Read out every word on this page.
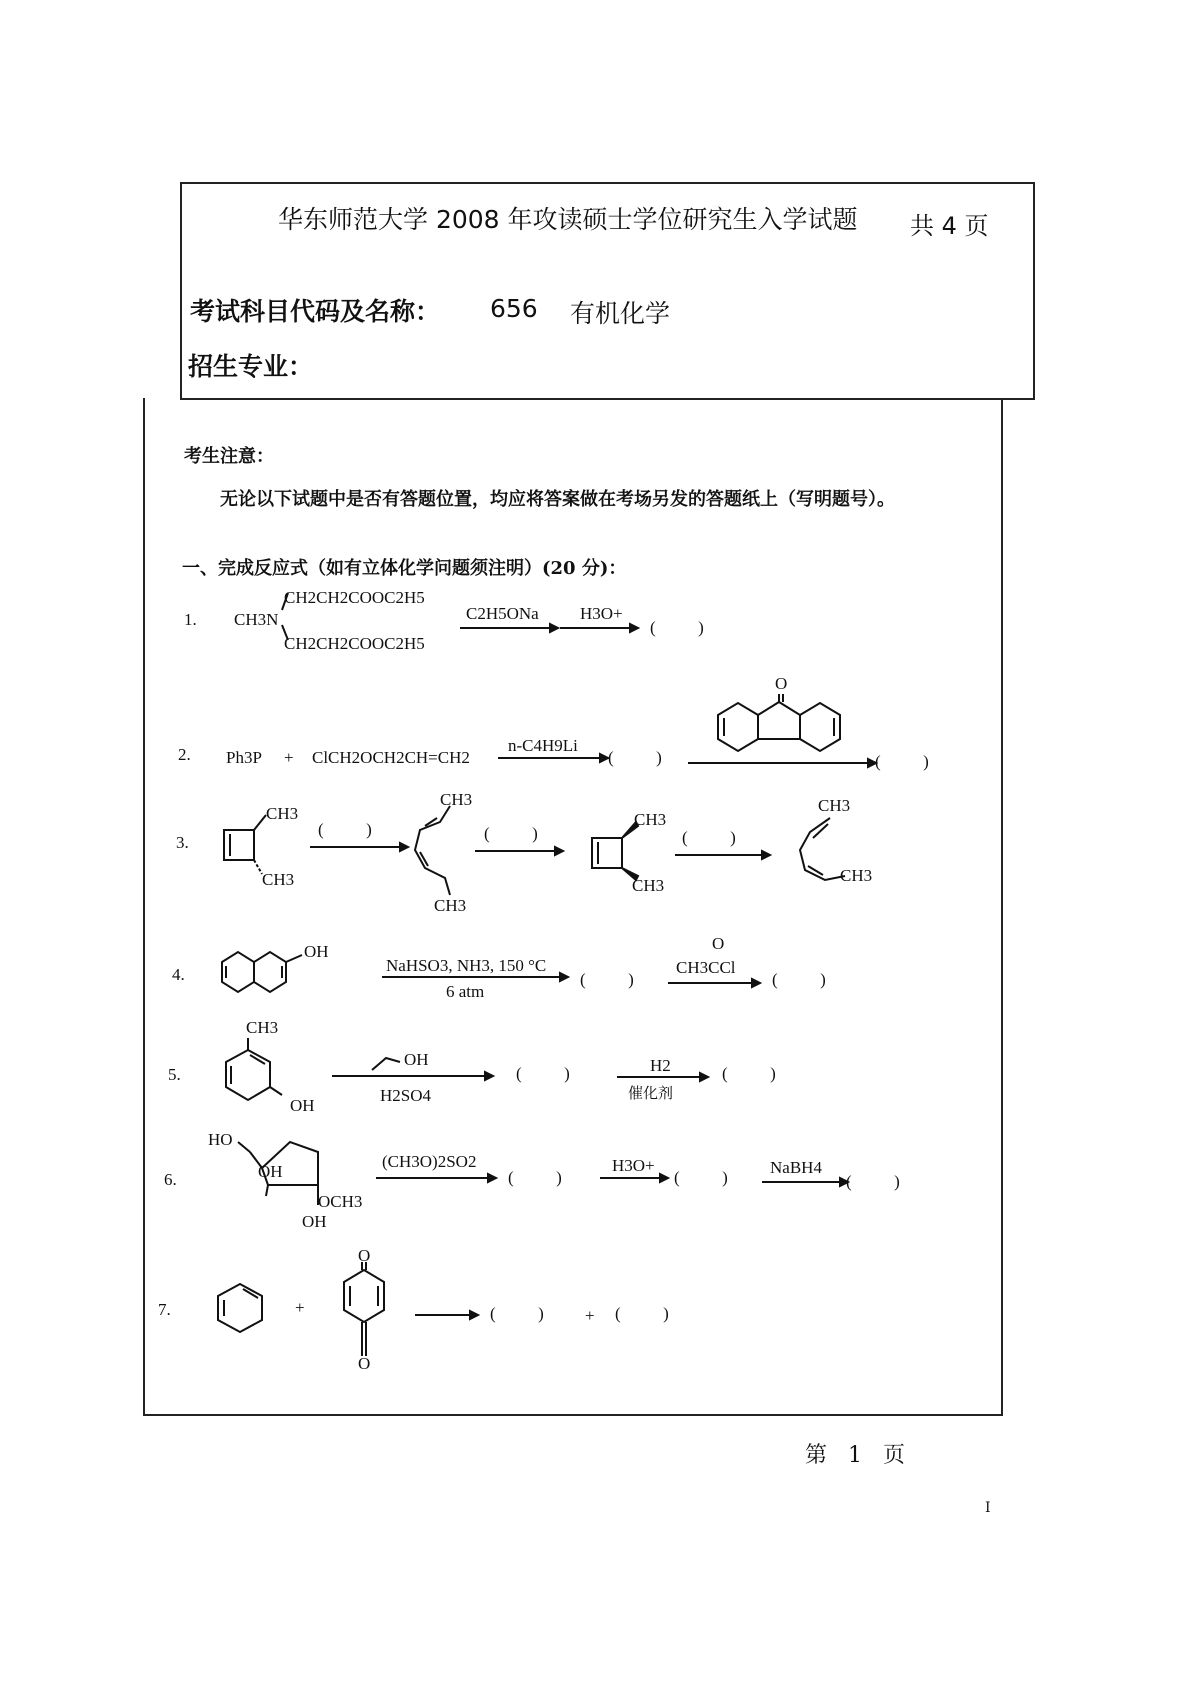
华东师范大学 2008 年攻读硕士学位研究生入学试题 共 4 页
考试科目代码及名称： 656 有机化学
招生专业：
考生注意：
无论以下试题中是否有答题位置，均应将答案做在考场另发的答题纸上（写明题号）。
一、完成反应式（如有立体化学问题须注明）(20 分)：
1. CH3N
CH2CH2COOC2H5
CH2CH2COOC2H5
C2H5ONa H3O+
(          )
2. Ph3P + ClCH2OCH2CH=CH2
n-C4H9Li
(          )
O
(          )
3.
CH3
CH3
(          )
CH3
CH3
(          )
CH3
CH3
(          )
CH3
CH3
4.
OH
NaHSO3, NH3, 150 °C
6 atm
(          )
O
CH3CCl
(          )
5.
CH3
OH
OH
H2SO4
(          )	H2
催化剂
(          )
6.
HO
OH
OCH3
OH
(CH3O)2SO2
(          )
H3O+
(          )
NaBH4
(          )
7.	+
O
O
(          ) + (          )
第   1   页
I
